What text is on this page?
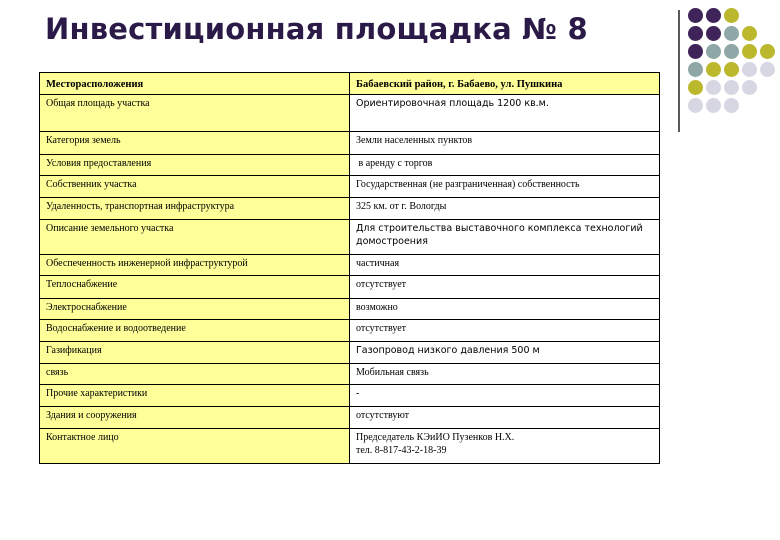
Инвестиционная площадка № 8
Месторасположения	Бабаевский район, г. Бабаево, ул. Пушкина
Общая площадь участка	Ориентировочная площадь 1200 кв.м.
Категория земель	Земли населенных пунктов
Условия предоставления	в аренду с торгов
Собственник участка	Государственная (не разграниченная) собственность
Удаленность, транспортная инфраструктура	325 км. от г. Вологды
Описание земельного участка	Для строительства выставочного комплекса технологий домостроения
Обеспеченность инженерной инфраструктурой	частичная
Теплоснабжение	отсутствует
Электроснабжение	возможно
Водоснабжение и водоотведение	отсутствует
Газификация	Газопровод низкого давления 500 м
связь	Мобильная связь
Прочие характеристики	-
Здания и сооружения	отсутствуют
Контактное лицо	Председатель КЭиИО Пузенков Н.Х.
тел. 8-817-43-2-18-39
